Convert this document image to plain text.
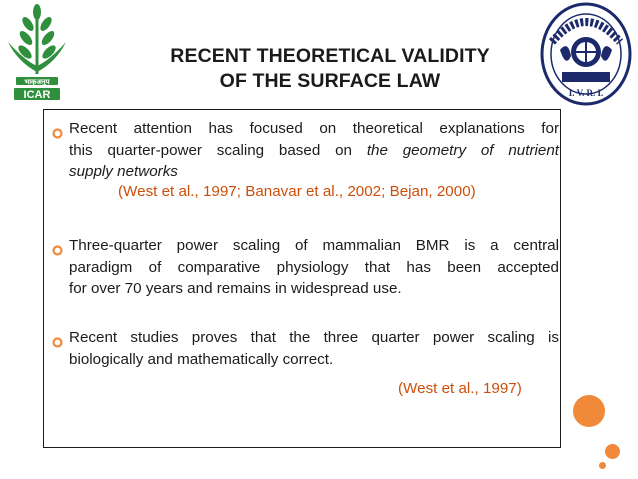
भाकृअनुप
ICAR	I. V. R. I.
RECENT THEORETICAL VALIDITY
OF THE SURFACE LAW
Recent attention has focused on theoretical explanations for
this quarter-power scaling based on the geometry of nutrient
supply networks
(West et al., 1997; Banavar et al., 2002; Bejan, 2000)
Three-quarter power scaling of mammalian BMR is a central
paradigm of comparative physiology that has been accepted
for over 70 years and remains in widespread use.
Recent studies proves that the three quarter power scaling is
biologically and mathematically correct.
(West et al., 1997)
